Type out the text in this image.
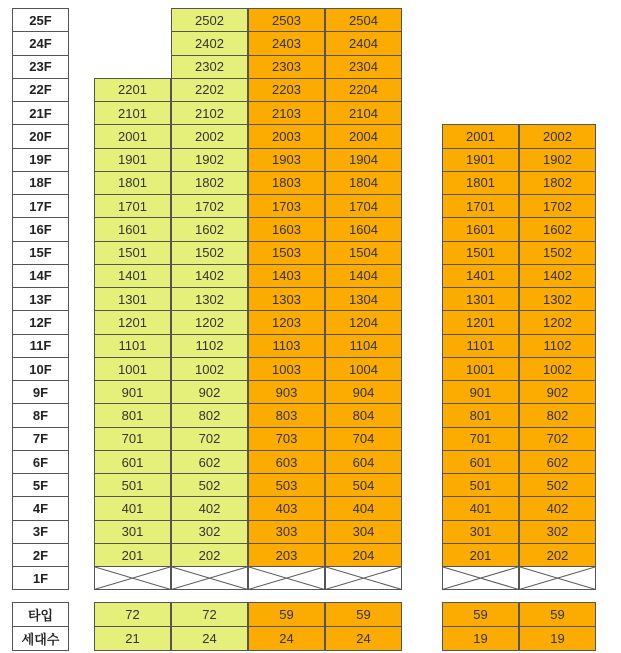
25F
24F
23F
22F
21F
20F
19F
18F
17F
16F
15F
14F
13F
12F
11F
10F
9F
8F
7F
6F
5F
4F
3F
2F
1F
타입
세대수
2201
2101
2001
1901
1801
1701
1601
1501
1401
1301
1201
1101
1001
901
801
701
601
501
401
301
201
72
21
2502
2402
2302
2202
2102
2002
1902
1802
1702
1602
1502
1402
1302
1202
1102
1002
902
802
702
602
502
402
302
202
72
24
2503
2403
2303
2203
2103
2003
1903
1803
1703
1603
1503
1403
1303
1203
1103
1003
903
803
703
603
503
403
303
203
59
24
2504
2404
2304
2204
2104
2004
1904
1804
1704
1604
1504
1404
1304
1204
1104
1004
904
804
704
604
504
404
304
204
59
24
2001
1901
1801
1701
1601
1501
1401
1301
1201
1101
1001
901
801
701
601
501
401
301
201
59
19
2002
1902
1802
1702
1602
1502
1402
1302
1202
1102
1002
902
802
702
602
502
402
302
202
59
19
